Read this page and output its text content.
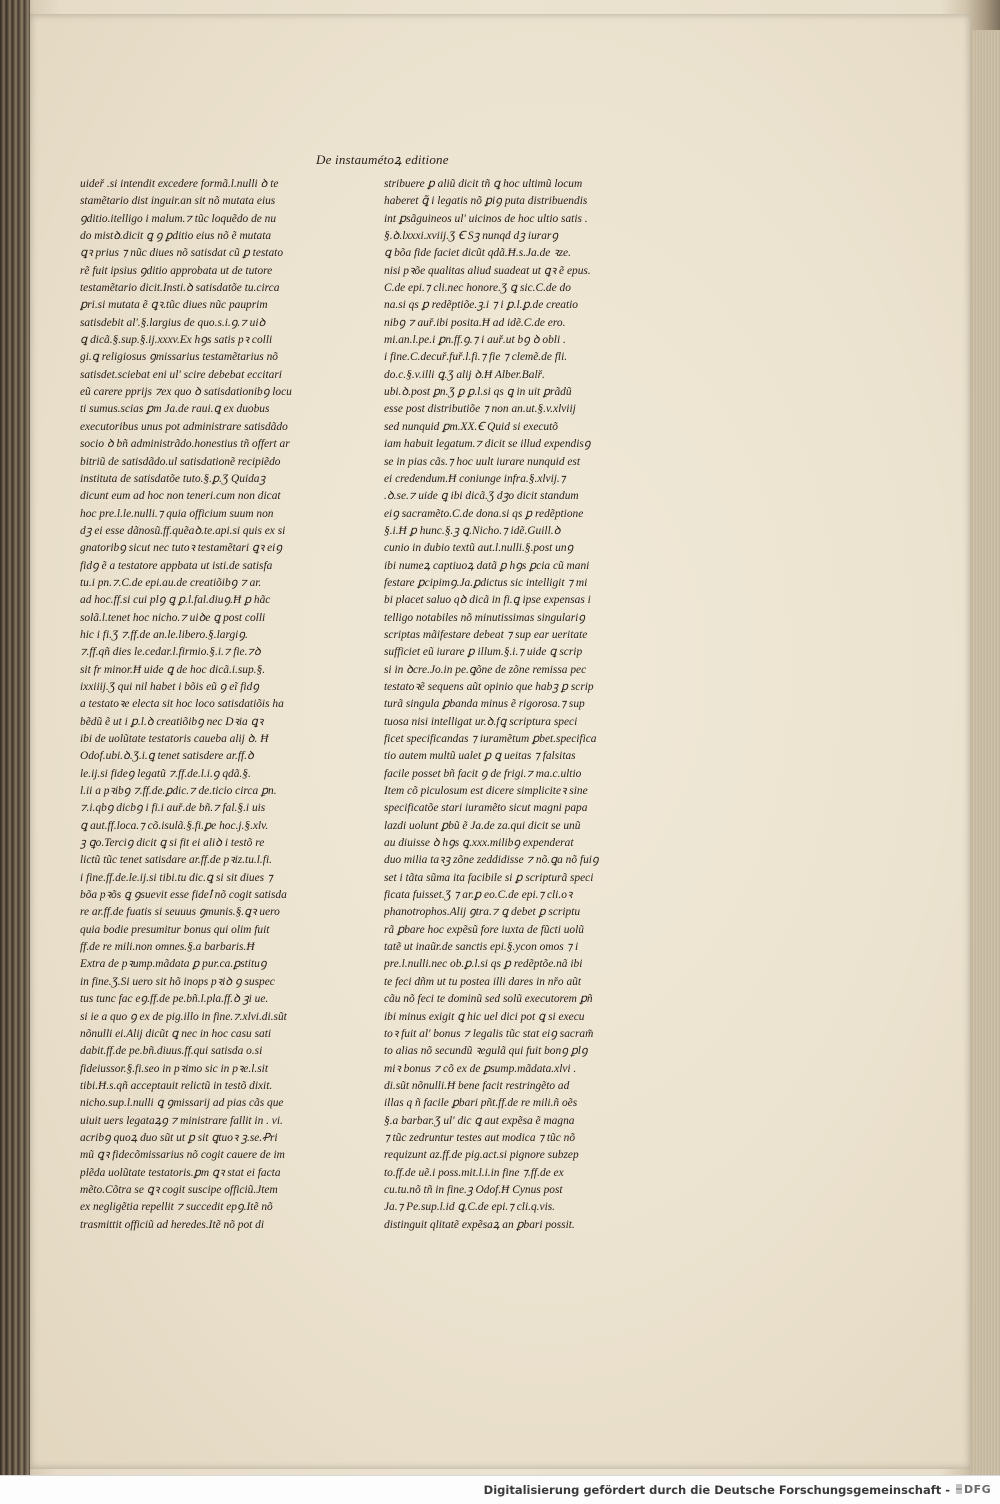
De instaumétoꝝ editione
uideř .si intendit excedere formã.l.nulli ꝺ te
stamẽtario dist inguir.an sit nõ mutata eius
ꝯditio.itelligo i malum.⁊ tũc loquẽdo de nu
do mistꝺ.dicit ꝗ ꝯ ꝑditio eius nõ ẽ mutata
ꝗꝛ prius ⁊ nũc diues nõ satisdat cũ ꝑ testato
rẽ fuit ipsius ꝯditio approbata ut de tutore
testamẽtario dicit.Insti.ꝺ satisdatõe tu.circa
ꝑri.si mutata ẽ ꝗꝛ.tũc diues nũc pauprim
satisdebit al'.§.largius de quo.s.i.ꝯ.⁊ uiꝺ
ꝗ dicã.§.sup.§.ij.xxxv.Ex hꝯs satis pꝛ colli
gi.ꝗ religiosus ꝯmissarius testamẽtarius nõ
satisdet.sciebat eni ul' scire debebat eccitari
eũ carere pprijs ⁊ex quo ꝺ satisdationibꝯ locu
ti sumus.scias ꝑm Ja.de raui.ꝗ ex duobus
executoribus unus pot administrare satisdãdo
socio ꝺ bñ administrãdo.honestius tñ offert ar
bitriũ de satisdãdo.ul satisdationẽ recipiẽdo
instituta de satisdatõe tuto.§.ꝑ.Ʒ Quidaꝫ
dicunt eum ad hoc non teneri.cum non dicat
hoc pre.l.le.nulli.⁊ quia officium suum non
dꝫ ei esse dãnosũ.ff.quẽaꝺ.te.api.si quis ex si
gnatoribꝯ sicut nec tutoꝛ testamẽtari ꝗꝛ eiꝯ
fidꝯ ẽ a testatore appbata ut isti.de satisfa
tu.i pn.⁊.C.de epi.au.de creatiõibꝯ ⁊ ar.
ad hoc.ff.si cui plꝯ ꝗ ꝑ.l.fal.diuꝯ.Ħ ꝑ hãc
solã.l.tenet hoc nicho.⁊ uiꝺe ꝗ post colli
hic i fi.Ʒ ⁊.ff.de an.le.libero.§.largiꝯ.
⁊.ff.qñ dies le.cedar.l.firmio.§.i.⁊ fie.⁊ꝺ
sit fr minor.Ħ uide ꝗ de hoc dicã.i.sup.§.
ixxiiij.Ʒ qui nil habet i bõis eũ ꝯ eĩ fidꝯ
a testatoꝛe electa sit hoc loco satisdatiõis ha
bẽdũ ẽ ut i ꝑ.l.ꝺ creatiõibꝯ nec Dꝛia ꝗꝛ
ibi de uolũtate testatoris caueba alij ꝺ. Ħ
Odof.ubi.ꝺ.Ʒ.i.ꝗ tenet satisdere ar.ff.ꝺ
le.ij.si fideꝯ legatũ ⁊.ff.de.l.i.ꝯ qdã.§.
l.ii a pꝛibꝯ ⁊.ff.de.ꝑdic.⁊ de.ticio circa ꝑn.
⁊.i.qbꝯ dicbꝯ i fi.i auř.de bñ.⁊ fal.§.i uis
ꝗ aut.ff.loca.⁊ cõ.isulã.§.fi.ꝑe hoc.j.§.xlv.
ꝫ ꝗo.Terciꝯ dicit ꝗ si fit ei aliꝺ i testõ re
lictũ tũc tenet satisdare ar.ff.de pꝛiz.tu.l.fi.
i fine.ff.de.le.ij.si tibi.tu dic.ꝗ si sit diues ⁊
bõa pꝛõs ꝗ ꝯsuevit esse fideꝉ nõ cogit satisda
re ar.ff.de fuatis si seuuus ꝯmunis.§.ꝗꝛ uero
quia bodie presumitur bonus qui olim fuit
ff.de re mili.non omnes.§.a barbaris.Ħ
Extra de pꝛump.mãdata ꝑ pur.ca.ꝑstituꝯ
in fine.Ʒ.Si uero sit hõ inops pꝛiꝺ ꝯ suspec
tus tunc fac eꝯ.ff.de pe.bñ.l.pla.ff.ꝺ ꝫi ue.
si ie a quo ꝯ ex de pig.illo in fine.⁊.xlvi.di.sũt
nõnulli ei.Alij dicũt ꝗ nec in hoc casu sati
dabit.ff.de pe.bñ.diuus.ff.qui satisda o.si
fideiussor.§.fi.seo in pꝛimo sic in pꝛe.l.sit
tibi.Ħ.s.qñ acceptauit relictũ in testõ dixit.
nicho.sup.l.nulli ꝗ ꝯmissarij ad pias cãs que
uiuit uers legataꝝꝯ ⁊ ministrare fallit in . vi.
acribꝯ quoꝝ duo sũt ut ꝑ sit ꝗtuoꝛ ꝫ.se.Ꝓri
mũ ꝗꝛ fidecõmissarius nõ cogit cauere de im
plẽda uolũtate testatoris.ꝑm ꝗꝛ stat ei facta
mẽto.Cõtra se ꝗꝛ cogit suscipe officiũ.Jtem
ex negligẽtia repellit ⁊ succedit epꝯ.Itẽ nõ
trasmittit officiũ ad heredes.Itẽ nõ pot di
stribuere ꝑ aliũ dicit tñ ꝗ hoc ultimũ locum
haberet ꝗ̃ i legatis nõ ꝑiꝯ puta distribuendis
int ꝑsãguineos ul' uicinos de hoc ultio satis .
§.ꝺ.lxxxi.xviij.Ʒ Ꞓ Sꝫ nunqd dꝫ iurarꝯ
ꝗ bõa fide faciet dicũt qdã.Ħ.s.Ja.de ꝛze.
nisi pꝛõe qualitas aliud suadeat ut ꝗꝛ ẽ epus.
C.de epi.⁊ cli.nec honore.Ʒ ꝗ sic.C.de do
na.si qs ꝑ redẽptiõe.ꝫ.i ⁊ i ꝑ.l.ꝑ.de creatio
nibꝯ ⁊ auř.ibi posita.Ħ ad idẽ.C.de ero.
mi.an.l.pe.i ꝑn.ff.ꝯ.⁊ i auř.ut bꝯ ꝺ obli .
i fine.C.decuř.fuř.l.fi.⁊ fie ⁊ clemẽ.de fli.
do.c.§.v.illi ꝗ.Ʒ alij ꝺ.Ħ Alber.Balř.
ubi.ꝺ.post ꝑn.Ʒ ꝑ ꝑ.l.si qs ꝗ in uit ꝑrãdũ
esse post distributiõe ⁊ non an.ut.§.v.xlviij
sed nunquid ꝑm.XX.Ꞓ Quid si executõ
iam habuit legatum.⁊ dicit se illud expendisꝯ
se in pias cãs.⁊ hoc uult iurare nunquid est
ei credendum.Ħ coniunge infra.§.xlvij.⁊
.ꝺ.se.⁊ uide ꝗ ibi dicã.Ʒ dꝫo dicit standum
eiꝯ sacramẽto.C.de dona.si qs ꝑ redẽptione
§.i.Ħ ꝑ hunc.§.ꝫ ꝗ.Nicho.⁊ idẽ.Guill.ꝺ
cunio in dubio textũ aut.l.nulli.§.post unꝯ
ibi numeꝝ captiuoꝝ datã ꝑ hꝯs ꝑcia cũ mani
festare ꝑcipimꝯ.Ja.ꝑdictus sic intelligit ⁊ mi
bi placet saluo qꝺ dicã in fi.ꝗ ipse expensas i
telligo notabiles nõ minutissimas singulariꝯ
scriptas mãifestare debeat ⁊ sup ear ueritate
sufficiet eũ iurare ꝑ illum.§.i.⁊ uide ꝗ scrip
si in ꝺcre.Jo.in pe.ꝗõne de zõne remissa pec
testatoꝛẽ sequens aũt opinio que habꝫ ꝑ scrip
turã singula ꝑbanda minus ẽ rigorosa.⁊ sup
tuosa nisi intelligat ur.ꝺ.fꝗ scriptura speci
ficet specificandas ⁊ iuramẽtum ꝑbet.specifica
tio autem multũ ualet ꝑ ꝗ ueitas ⁊ falsitas
facile posset bñ facit ꝯ de frigi.⁊ ma.c.ultio
Item cõ piculosum est dicere simpliciteꝛ sine
specificatõe stari iuramẽto sicut magni papa
lazdi uolunt ꝑbũ ẽ Ja.de za.qui dicit se unũ
au diuisse ꝺ hꝯs ꝗ.xxx.milibꝯ expenderat
duo milia taꝛꝫ zõne zeddidisse ⁊ nõ.ꝗa nõ fuiꝯ
set i tãta sũma ita facibile si ꝑ scripturã speci
ficata fuisset.Ʒ ⁊ ar.ꝑ eo.C.de epi.⁊ cli.oꝛ
phanotrophos.Alij ꝯtra.⁊ ꝗ debet ꝑ scriptu
rã ꝑbare hoc expẽsũ fore iuxta de fũcti uolũ
tatẽ ut inaũr.de sanctis epi.§.ycon omos ⁊ i
pre.l.nulli.nec ob.ꝑ.l.si qs ꝑ redẽptõe.nã ibi
te feci dñm ut tu postea illi dares in nřo aũt
cãu nõ feci te dominũ sed solũ executorem ꝑñ
ibi minus exigit ꝗ hic uel dici pot ꝗ si execu
toꝛ fuit al' bonus ⁊ legalis tũc stat eiꝯ sacram̃
to alias nõ secundũ ꝛegulã qui fuit bonꝯ ꝑlꝯ
miꝛ bonus ⁊ cõ ex de ꝑsump.mãdata.xlvi .
di.sũt nõnulli.Ħ bene facit restringẽto ad
illas q ñ facile ꝑbari pñt.ff.de re mili.ñ oẽs
§.a barbar.Ʒ ul' dic ꝗ aut expẽsa ẽ magna
⁊ tũc zedruntur testes aut modica ⁊ tũc nõ
requizunt az.ff.de pig.act.si pignore subzep
to.ff.de uẽ.i poss.mit.l.i.in fine ⁊.ff.de ex
cu.tu.nõ tñ in fine.ꝫ Odof.Ħ Cynus post
Ja.⁊ Pe.sup.l.id ꝗ.C.de epi.⁊ cli.q.vis.
distinguit qlitatẽ expẽsaꝝ an ꝑbari possit.
Digitalisierung gefördert durch die Deutsche Forschungsgemeinschaft -	DFG
